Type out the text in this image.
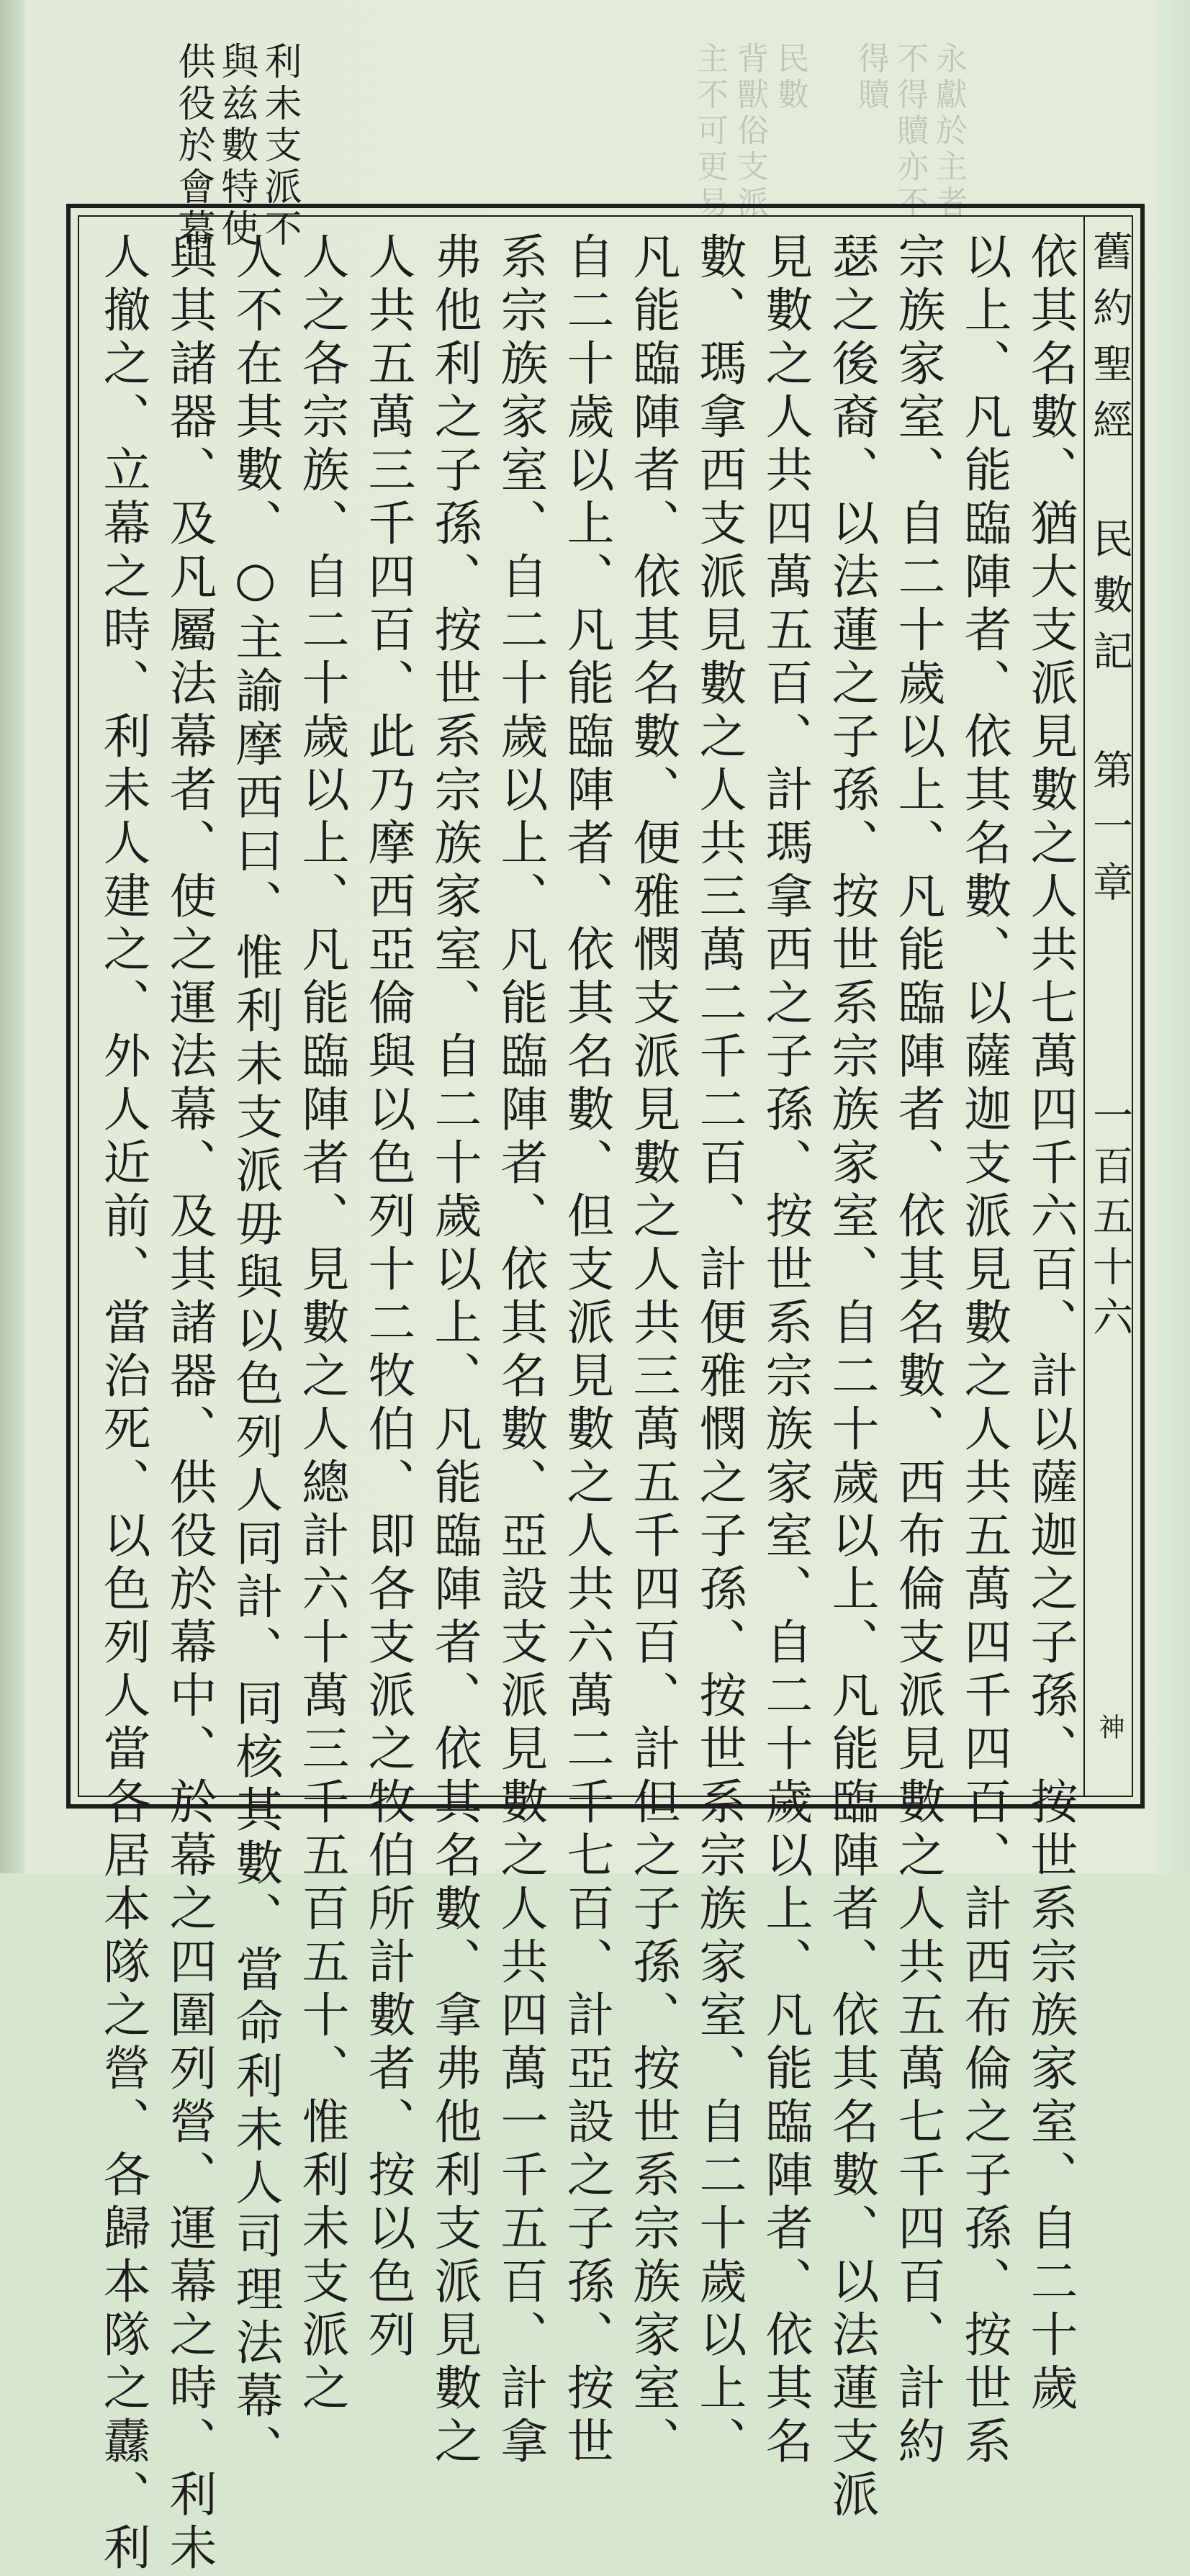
利未支派不

與兹數特使

供役於會幕	永獻於主者

不得贖亦不

得贖

民數

背獸俗支派

主不可更易

舊約聖經 民數記 第一章
一百五十六
神

依其名數、猶大支派見數之人共七萬四千六百、計以薩迦之子孫、按世系宗族家室、自二十歲

以上、凡能臨陣者、依其名數、以薩迦支派見數之人共五萬四千四百、計西布倫之子孫、按世系

宗族家室、自二十歲以上、凡能臨陣者、依其名數、西布倫支派見數之人共五萬七千四百、計約

瑟之後裔、以法蓮之子孫、按世系宗族家室、自二十歲以上、凡能臨陣者、依其名數、以法蓮支派

見數之人共四萬五百、計瑪拿西之子孫、按世系宗族家室、自二十歲以上、凡能臨陣者、依其名

數、瑪拿西支派見數之人共三萬二千二百、計便雅憫之子孫、按世系宗族家室、自二十歲以上、

凡能臨陣者、依其名數、便雅憫支派見數之人共三萬五千四百、計但之子孫、按世系宗族家室、

自二十歲以上、凡能臨陣者、依其名數、但支派見數之人共六萬二千七百、計亞設之子孫、按世

系宗族家室、自二十歲以上、凡能臨陣者、依其名數、亞設支派見數之人共四萬一千五百、計拿

弗他利之子孫、按世系宗族家室、自二十歲以上、凡能臨陣者、依其名數、拿弗他利支派見數之

人共五萬三千四百、此乃摩西亞倫與以色列十二牧伯、即各支派之牧伯所計數者、按以色列

人之各宗族、自二十歲以上、凡能臨陣者、見數之人總計六十萬三千五百五十、惟利未支派之

人不在其數、○主諭摩西曰、惟利未支派毋與以色列人同計、同核其數、當命利未人司理法幕、

與其諸器、及凡屬法幕者、使之運法幕、及其諸器、供役於幕中、於幕之四圍列營、運幕之時、利未

人撤之、立幕之時、利未人建之、外人近前、當治死、以色列人當各居本隊之營、各歸本隊之纛、利
